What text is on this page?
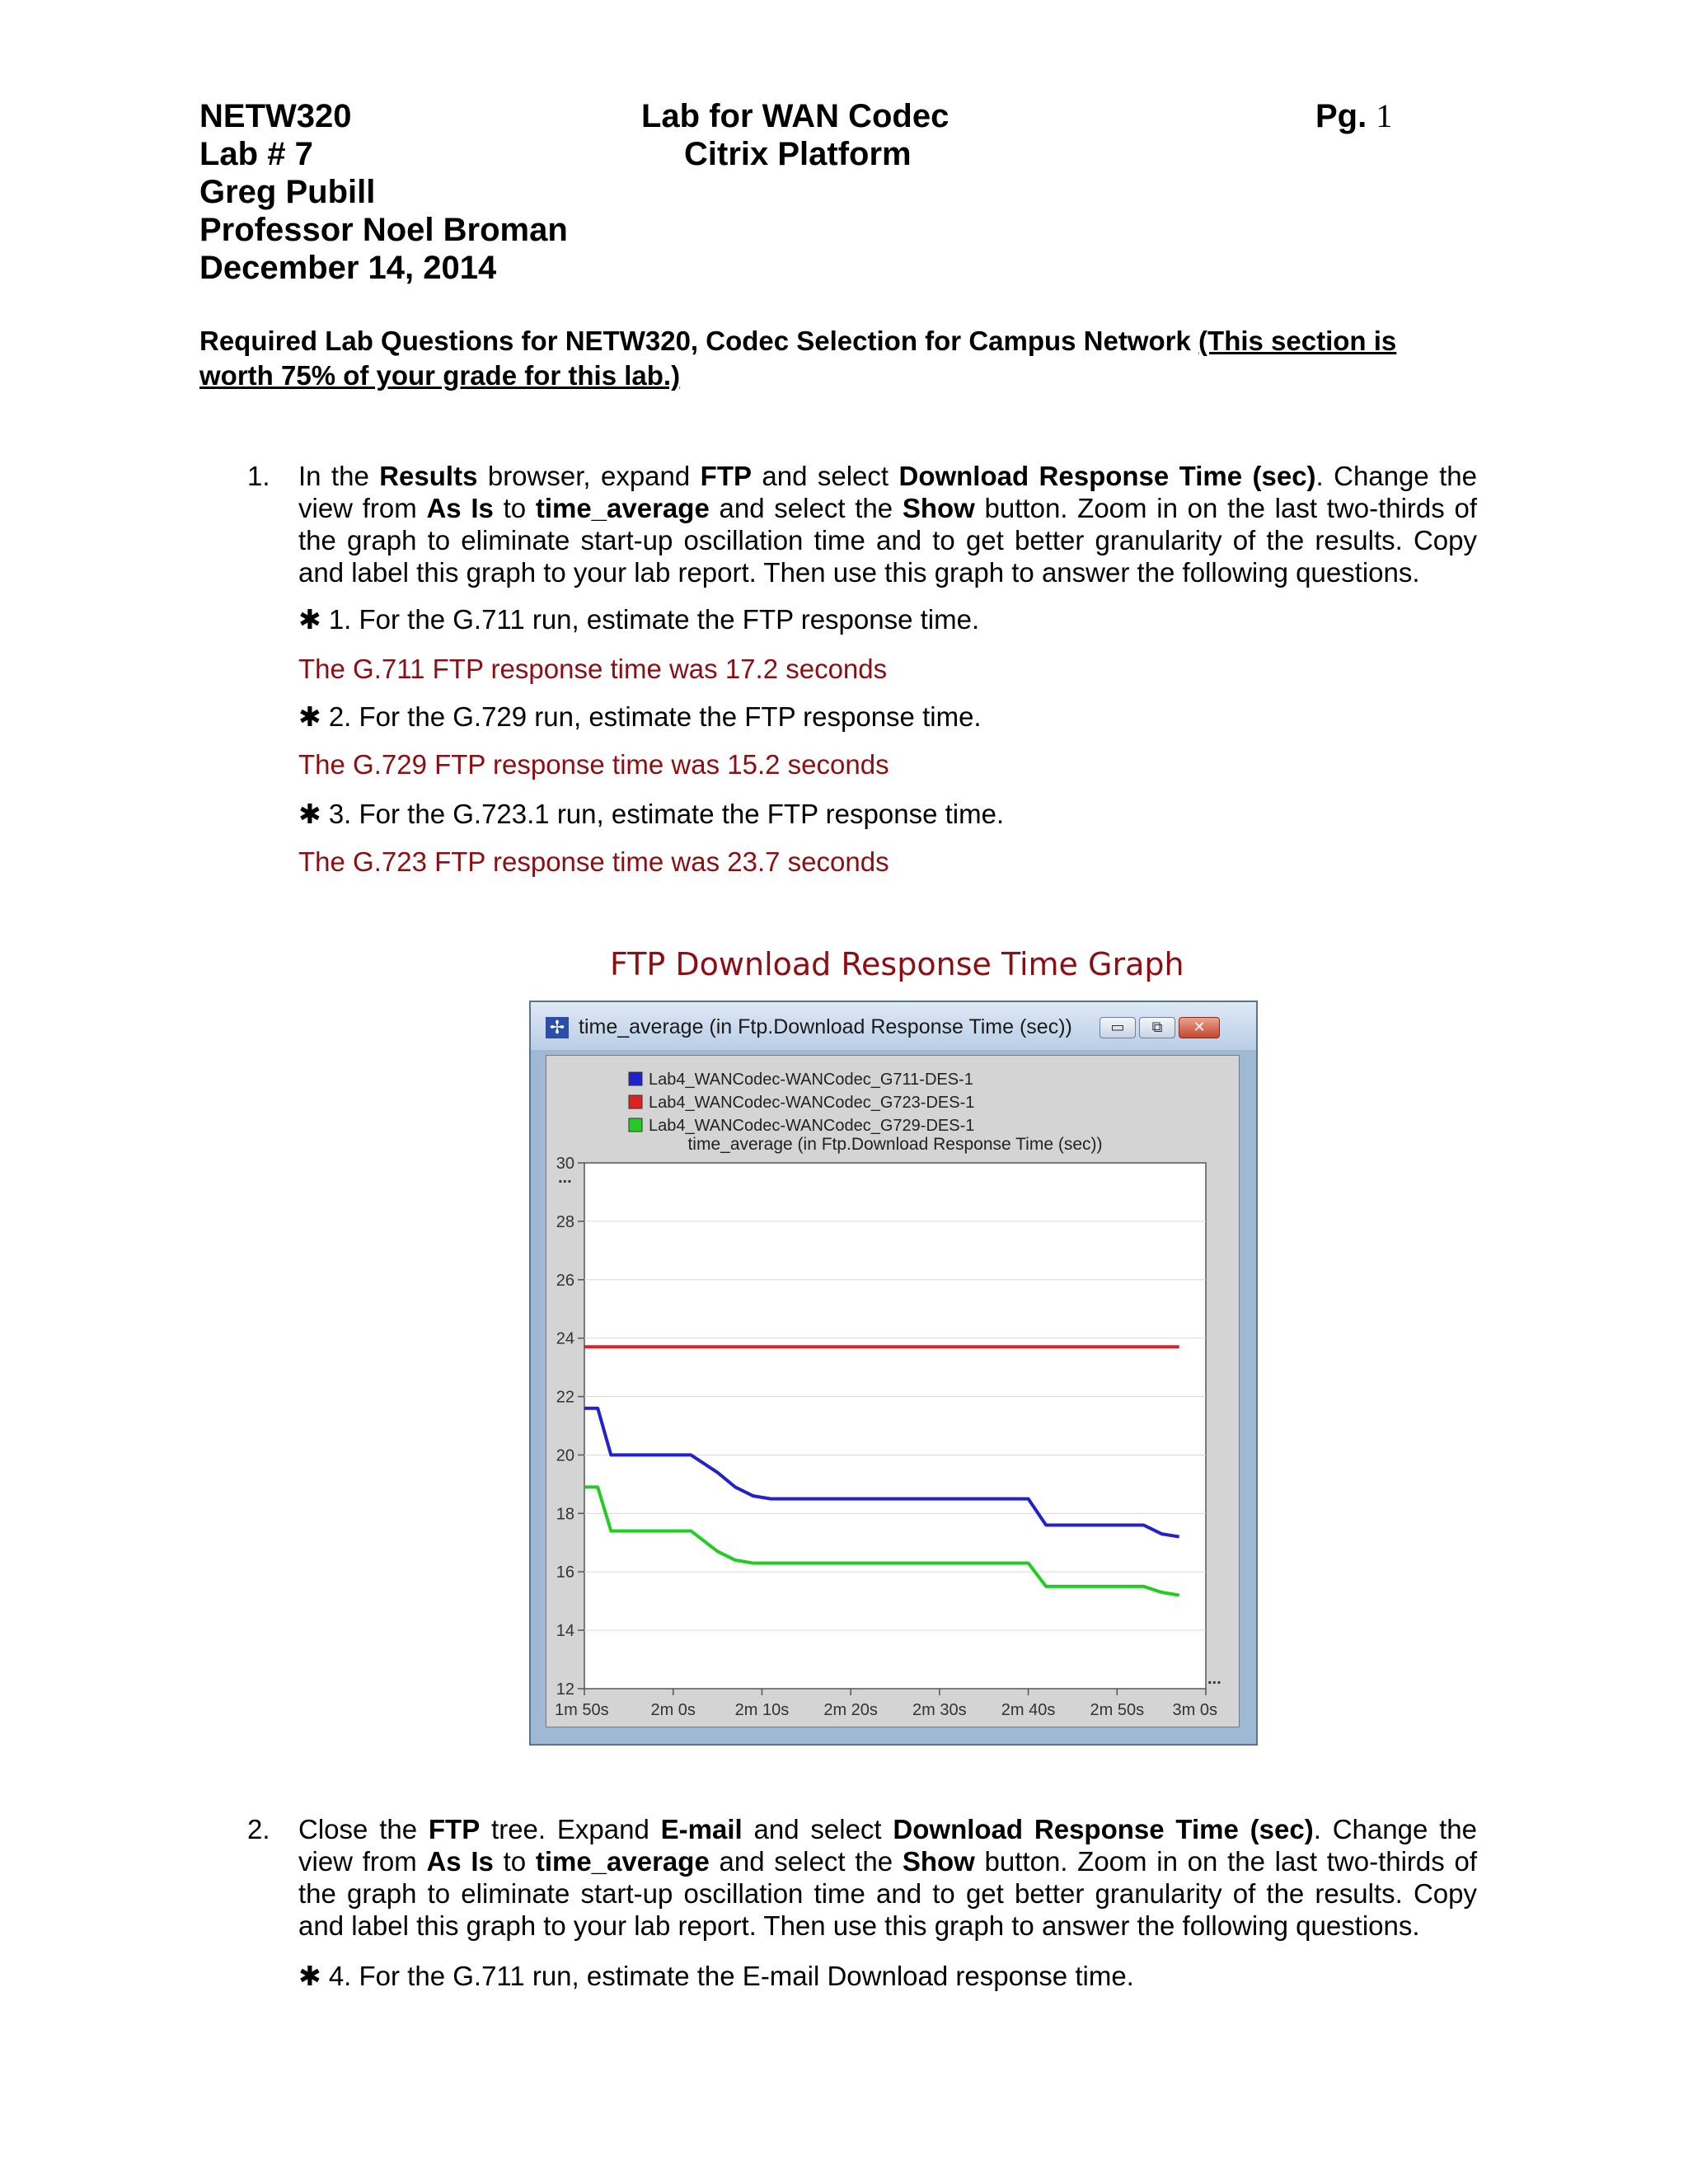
NETW320
Lab # 7
Greg Pubill
Professor Noel Broman
December 14, 2014
Lab for WAN Codec
Citrix Platform
Pg. 1
Required Lab Questions for NETW320, Codec Selection for Campus Network (This section is worth 75% of your grade for this lab.)
1. In the Results browser, expand FTP and select Download Response Time (sec). Change the view from As Is to time_average and select the Show button. Zoom in on the last two-thirds of the graph to eliminate start-up oscillation time and to get better granularity of the results. Copy and label this graph to your lab report. Then use this graph to answer the following questions.
✱ 1. For the G.711 run, estimate the FTP response time.
The G.711 FTP response time was 17.2 seconds
✱ 2. For the G.729 run, estimate the FTP response time.
The G.729 FTP response time was 15.2 seconds
✱ 3. For the G.723.1 run, estimate the FTP response time.
The G.723 FTP response time was 23.7 seconds
FTP Download Response Time Graph
✢ time_average (in Ftp.Download Response Time (sec))	▭	⧉	✕
Lab4_WANCodec-WANCodec_G711-DES-1
Lab4_WANCodec-WANCodec_G723-DES-1
Lab4_WANCodec-WANCodec_G729-DES-1
time_average (in Ftp.Download Response Time (sec))
12
14
16
18
20
22
24
26
28
30
...
1m 50s	2m 0s 2m 10s 2m 20s 2m 30s 2m 40s 2m 50s 3m 0s
...
2. Close the FTP tree. Expand E-mail and select Download Response Time (sec). Change the view from As Is to time_average and select the Show button. Zoom in on the last two-thirds of the graph to eliminate start-up oscillation time and to get better granularity of the results. Copy and label this graph to your lab report. Then use this graph to answer the following questions.
✱ 4. For the G.711 run, estimate the E-mail Download response time.
